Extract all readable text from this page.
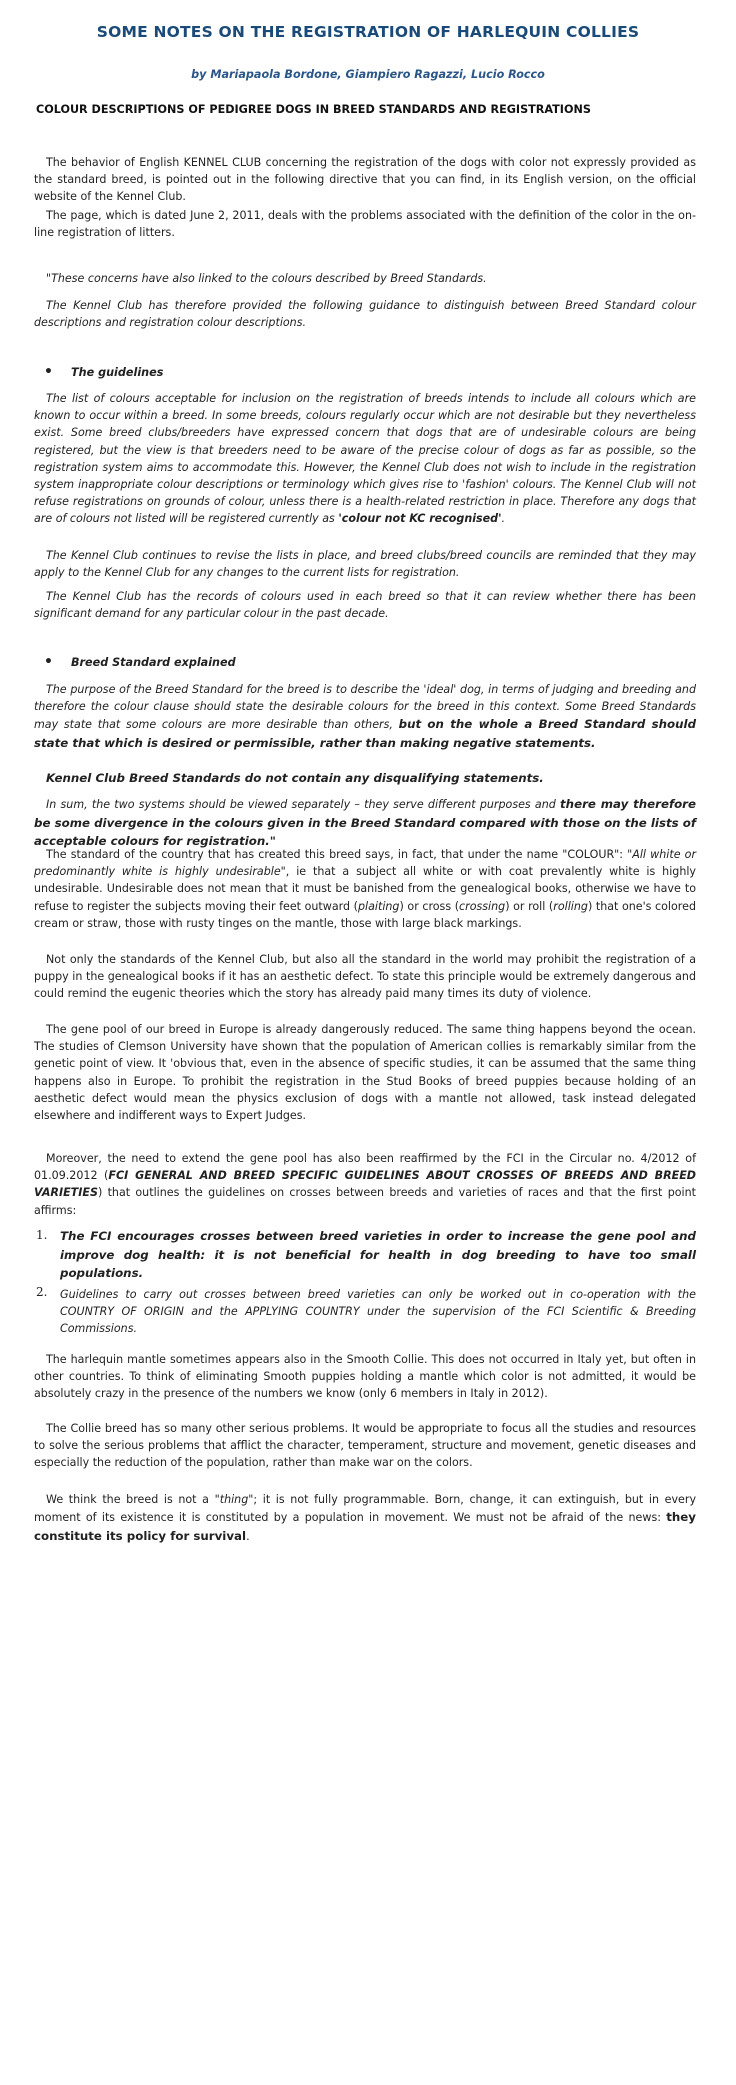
SOME NOTES ON THE REGISTRATION OF HARLEQUIN COLLIES

by Mariapaola Bordone, Giampiero Ragazzi, Lucio Rocco

COLOUR DESCRIPTIONS OF PEDIGREE DOGS IN BREED STANDARDS AND REGISTRATIONS

The behavior of English KENNEL CLUB concerning the registration of the dogs with color not expressly provided as the standard breed, is pointed out in the following directive that you can find, in its English version, on the official website of the Kennel Club.

The page, which is dated June 2, 2011, deals with the problems associated with the definition of the color in the on-line registration of litters.

"These concerns have also linked to the colours described by Breed Standards.

The Kennel Club has therefore provided the following guidance to distinguish between Breed Standard colour descriptions and registration colour descriptions.

• The guidelines

The list of colours acceptable for inclusion on the registration of breeds intends to include all colours which are known to occur within a breed. In some breeds, colours regularly occur which are not desirable but they nevertheless exist. Some breed clubs/breeders have expressed concern that dogs that are of undesirable colours are being registered, but the view is that breeders need to be aware of the precise colour of dogs as far as possible, so the registration system aims to accommodate this. However, the Kennel Club does not wish to include in the registration system inappropriate colour descriptions or terminology which gives rise to 'fashion' colours. The Kennel Club will not refuse registrations on grounds of colour, unless there is a health-related restriction in place. Therefore any dogs that are of colours not listed will be registered currently as 'colour not KC recognised'.

The Kennel Club continues to revise the lists in place, and breed clubs/breed councils are reminded that they may apply to the Kennel Club for any changes to the current lists for registration.

The Kennel Club has the records of colours used in each breed so that it can review whether there has been significant demand for any particular colour in the past decade.

• Breed Standard explained

The purpose of the Breed Standard for the breed is to describe the 'ideal' dog, in terms of judging and breeding and therefore the colour clause should state the desirable colours for the breed in this context. Some Breed Standards may state that some colours are more desirable than others, but on the whole a Breed Standard should state that which is desired or permissible, rather than making negative statements.

Kennel Club Breed Standards do not contain any disqualifying statements.

In sum, the two systems should be viewed separately – they serve different purposes and there may therefore be some divergence in the colours given in the Breed Standard compared with those on the lists of acceptable colours for registration."

The standard of the country that has created this breed says, in fact, that under the name "COLOUR": "All white or predominantly white is highly undesirable", ie that a subject all white or with coat prevalently white is highly undesirable. Undesirable does not mean that it must be banished from the genealogical books, otherwise we have to refuse to register the subjects moving their feet outward (plaiting) or cross (crossing) or roll (rolling) that one's colored cream or straw, those with rusty tinges on the mantle, those with large black markings.

Not only the standards of the Kennel Club, but also all the standard in the world may prohibit the registration of a puppy in the genealogical books if it has an aesthetic defect. To state this principle would be extremely dangerous and could remind the eugenic theories which the story has already paid many times its duty of violence.

The gene pool of our breed in Europe is already dangerously reduced. The same thing happens beyond the ocean. The studies of Clemson University have shown that the population of American collies is remarkably similar from the genetic point of view. It 'obvious that, even in the absence of specific studies, it can be assumed that the same thing happens also in Europe. To prohibit the registration in the Stud Books of breed puppies because holding of an aesthetic defect would mean the physics exclusion of dogs with a mantle not allowed, task instead delegated elsewhere and indifferent ways to Expert Judges.

Moreover, the need to extend the gene pool has also been reaffirmed by the FCI in the Circular no. 4/2012 of 01.09.2012 (FCI GENERAL AND BREED SPECIFIC GUIDELINES ABOUT CROSSES OF BREEDS AND BREED VARIETIES) that outlines the guidelines on crosses between breeds and varieties of races and that the first point affirms:

1. The FCI encourages crosses between breed varieties in order to increase the gene pool and improve dog health: it is not beneficial for health in dog breeding to have too small populations.

2. Guidelines to carry out crosses between breed varieties can only be worked out in co-operation with the COUNTRY OF ORIGIN and the APPLYING COUNTRY under the supervision of the FCI Scientific & Breeding Commissions.

The harlequin mantle sometimes appears also in the Smooth Collie. This does not occurred in Italy yet, but often in other countries. To think of eliminating Smooth puppies holding a mantle which color is not admitted, it would be absolutely crazy in the presence of the numbers we know (only 6 members in Italy in 2012).

The Collie breed has so many other serious problems. It would be appropriate to focus all the studies and resources to solve the serious problems that afflict the character, temperament, structure and movement, genetic diseases and especially the reduction of the population, rather than make war on the colors.

We think the breed is not a "thing"; it is not fully programmable. Born, change, it can extinguish, but in every moment of its existence it is constituted by a population in movement. We must not be afraid of the news: they constitute its policy for survival.
